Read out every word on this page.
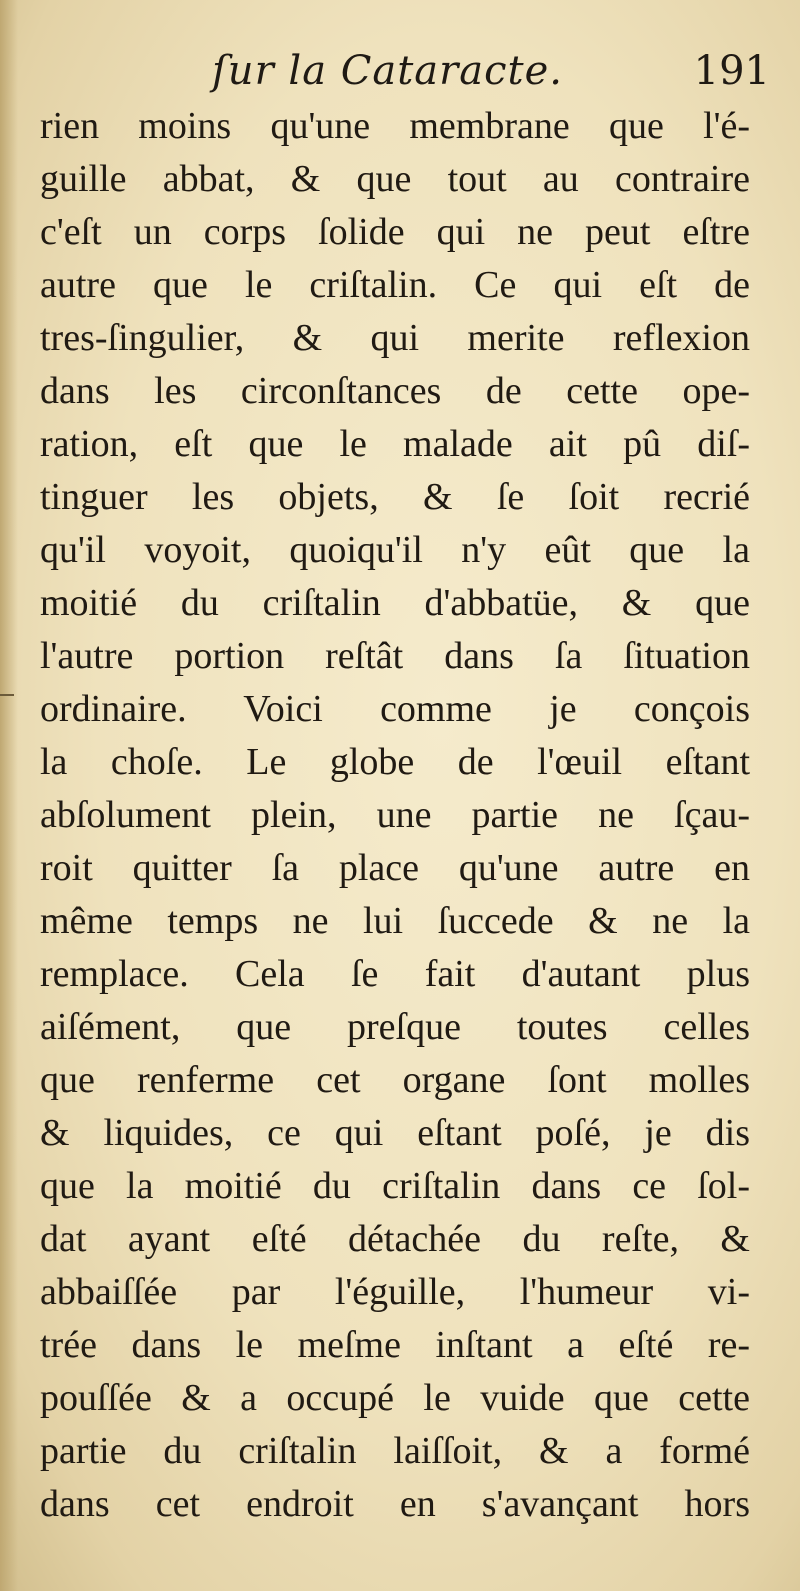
ſur la Cataracte.	191
rien moins qu'une membrane que l'é-
guille abbat, & que tout au contraire
c'eſt un corps ſolide qui ne peut eſtre
autre que le criſtalin. Ce qui eſt de
tres-ſingulier, & qui merite reflexion
dans les circonſtances de cette ope-
ration, eſt que le malade ait pû diſ-
tinguer les objets, & ſe ſoit recrié
qu'il voyoit, quoiqu'il n'y eût que la
moitié du criſtalin d'abbatüe, & que
l'autre portion reſtât dans ſa ſituation
ordinaire. Voici comme je conçois
la choſe. Le globe de l'œuil eſtant
abſolument plein, une partie ne ſçau-
roit quitter ſa place qu'une autre en
même temps ne lui ſuccede & ne la
remplace. Cela ſe fait d'autant plus
aiſément, que preſque toutes celles
que renferme cet organe ſont molles
& liquides, ce qui eſtant poſé, je dis
que la moitié du criſtalin dans ce ſol-
dat ayant eſté détachée du reſte, &
abbaiſſée par l'éguille, l'humeur vi-
trée dans le meſme inſtant a eſté re-
pouſſée & a occupé le vuide que cette
partie du criſtalin laiſſoit, & a formé
dans cet endroit en s'avançant hors
